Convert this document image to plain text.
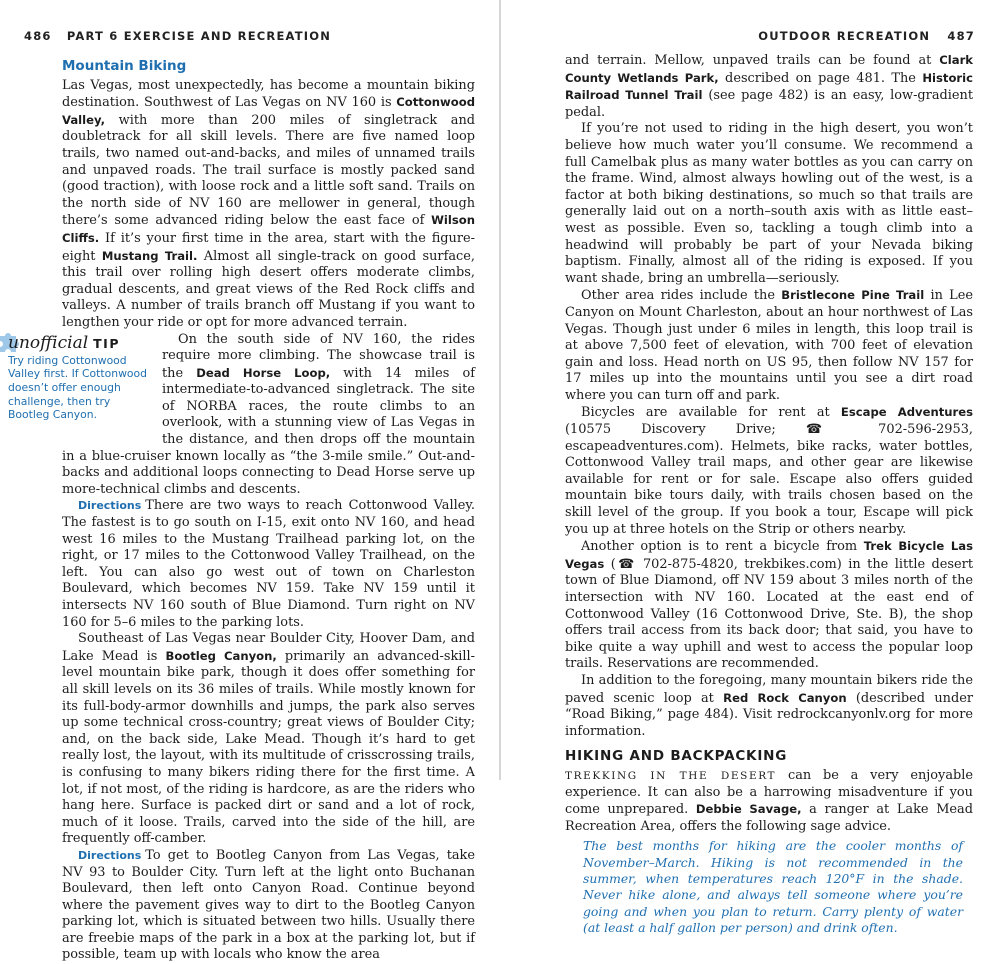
486 PART 6 EXERCISE AND RECREATION
Mountain Biking

Las Vegas, most unexpectedly, has become a mountain biking destination. Southwest of Las Vegas on NV 160 is Cottonwood Valley, with more than 200 miles of singletrack and doubletrack for all skill levels. There are five named loop trails, two named out-and-backs, and miles of unnamed trails and unpaved roads. The trail surface is mostly packed sand (good traction), with loose rock and a little soft sand. Trails on the north side of NV 160 are mellower in general, though there’s some advanced riding below the east face of Wilson Cliffs. If it’s your first time in the area, start with the figure-eight Mustang Trail. Almost all single-track on good surface, this trail over rolling high desert offers moderate climbs, gradual descents, and great views of the Red Rock cliffs and valleys. A number of trails branch off Mustang if you want to lengthen your ride or opt for more advanced terrain.

unofficial TIP
Try riding Cottonwood Valley first. If Cottonwood doesn’t offer enough challenge, then try Bootleg Canyon.

On the south side of NV 160, the rides require more climbing. The showcase trail is the Dead Horse Loop, with 14 miles of intermediate-to-advanced singletrack. The site of NORBA races, the route climbs to an overlook, with a stunning view of Las Vegas in the distance, and then drops off the mountain in a blue-cruiser known locally as “the 3-mile smile.” Out-and-backs and additional loops connecting to Dead Horse serve up more-technical climbs and descents.

Directions There are two ways to reach Cottonwood Valley. The fastest is to go south on I-15, exit onto NV 160, and head west 16 miles to the Mustang Trailhead parking lot, on the right, or 17 miles to the Cottonwood Valley Trailhead, on the left. You can also go west out of town on Charleston Boulevard, which becomes NV 159. Take NV 159 until it intersects NV 160 south of Blue Diamond. Turn right on NV 160 for 5–6 miles to the parking lots.

Southeast of Las Vegas near Boulder City, Hoover Dam, and Lake Mead is Bootleg Canyon, primarily an advanced-skill-level mountain bike park, though it does offer something for all skill levels on its 36 miles of trails. While mostly known for its full-body-armor downhills and jumps, the park also serves up some technical cross-country; great views of Boulder City; and, on the back side, Lake Mead. Though it’s hard to get really lost, the layout, with its multitude of crisscrossing trails, is confusing to many bikers riding there for the first time. A lot, if not most, of the riding is hardcore, as are the riders who hang here. Surface is packed dirt or sand and a lot of rock, much of it loose. Trails, carved into the side of the hill, are frequently off-camber.

Directions To get to Bootleg Canyon from Las Vegas, take NV 93 to Boulder City. Turn left at the light onto Buchanan Boulevard, then left onto Canyon Road. Continue beyond where the pavement gives way to dirt to the Bootleg Canyon parking lot, which is situated between two hills. Usually there are freebie maps of the park in a box at the parking lot, but if possible, team up with locals who know the area

OUTDOOR RECREATION 487

and terrain. Mellow, unpaved trails can be found at Clark County Wetlands Park, described on page 481. The Historic Railroad Tunnel Trail (see page 482) is an easy, low-gradient pedal.

If you’re not used to riding in the high desert, you won’t believe how much water you’ll consume. We recommend a full Camelbak plus as many water bottles as you can carry on the frame. Wind, almost always howling out of the west, is a factor at both biking destinations, so much so that trails are generally laid out on a north–south axis with as little east–west as possible. Even so, tackling a tough climb into a headwind will probably be part of your Nevada biking baptism. Finally, almost all of the riding is exposed. If you want shade, bring an umbrella—seriously.

Other area rides include the Bristlecone Pine Trail in Lee Canyon on Mount Charleston, about an hour northwest of Las Vegas. Though just under 6 miles in length, this loop trail is at above 7,500 feet of elevation, with 700 feet of elevation gain and loss. Head north on US 95, then follow NV 157 for 17 miles up into the mountains until you see a dirt road where you can turn off and park.

Bicycles are available for rent at Escape Adventures (10575 Discovery Drive; ☎ 702-596-2953, escapeadventures.com). Helmets, bike racks, water bottles, Cottonwood Valley trail maps, and other gear are likewise available for rent or for sale. Escape also offers guided mountain bike tours daily, with trails chosen based on the skill level of the group. If you book a tour, Escape will pick you up at three hotels on the Strip or others nearby.

Another option is to rent a bicycle from Trek Bicycle Las Vegas (☎ 702-875-4820, trekbikes.com) in the little desert town of Blue Diamond, off NV 159 about 3 miles north of the intersection with NV 160. Located at the east end of Cottonwood Valley (16 Cottonwood Drive, Ste. B), the shop offers trail access from its back door; that said, you have to bike quite a way uphill and west to access the popular loop trails. Reservations are recommended.

In addition to the foregoing, many mountain bikers ride the paved scenic loop at Red Rock Canyon (described under “Road Biking,” page 484). Visit redrockcanyonlv.org for more information.

HIKING AND BACKPACKING

TREKKING IN THE DESERT can be a very enjoyable experience. It can also be a harrowing misadventure if you come unprepared. Debbie Savage, a ranger at Lake Mead Recreation Area, offers the following sage advice.

The best months for hiking are the cooler months of November–March. Hiking is not recommended in the summer, when temperatures reach 120°F in the shade. Never hike alone, and always tell someone where you’re going and when you plan to return. Carry plenty of water (at least a half gallon per person) and drink often.
